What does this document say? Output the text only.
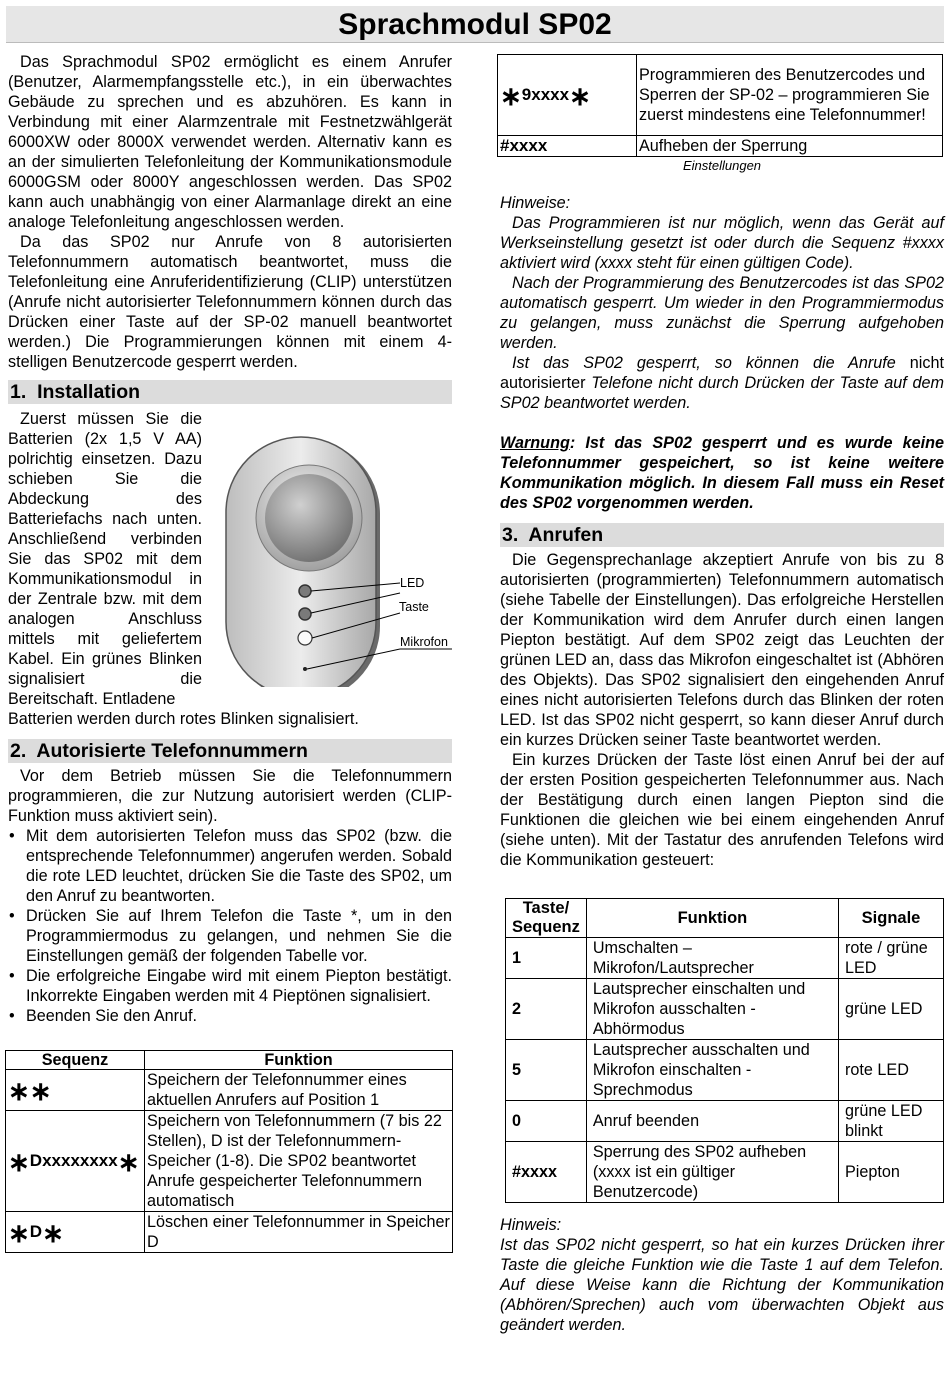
Sprachmodul SP02

Das Sprachmodul SP02 ermöglicht es einem Anrufer (Benutzer, Alarmempfangsstelle etc.), in ein überwachtes Gebäude zu sprechen und es abzuhören. Es kann in Verbindung mit einer Alarmzentrale mit Festnetzwählgerät 6000XW oder 8000X verwendet werden. Alternativ kann es an der simulierten Telefonleitung der Kommunikationsmodule 6000GSM oder 8000Y angeschlossen werden. Das SP02 kann auch unabhängig von einer Alarmanlage direkt an eine analoge Telefonleitung angeschlossen werden.

Da das SP02 nur Anrufe von 8 autorisierten Telefonnummern automatisch beantwortet, muss die Telefonleitung eine Anruferidentifizierung (CLIP) unterstützen (Anrufe nicht autorisierter Telefonnummern können durch das Drücken einer Taste auf der SP-02 manuell beantwortet werden.) Die Programmierungen können mit einem 4-stelligen Benutzercode gesperrt werden.

1.  Installation

Zuerst müssen Sie die Batterien (2x 1,5 V AA) polrichtig einsetzen. Dazu schieben Sie die Abdeckung des Batteriefachs nach unten. Anschließend verbinden Sie das SP02 mit dem Kommunikationsmodul in der Zentrale bzw. mit dem analogen Anschluss mittels mit geliefertem Kabel. Ein grünes Blinken signalisiert die Bereitschaft. Entladene

Batterien werden durch rotes Blinken signalisiert.

2.  Autorisierte Telefonnummern

Vor dem Betrieb müssen Sie die Telefonnummern programmieren, die zur Nutzung autorisiert werden (CLIP-Funktion muss aktiviert sein).

• Mit dem autorisierten Telefon muss das SP02 (bzw. die entsprechende Telefonnummer) angerufen werden. Sobald die rote LED leuchtet, drücken Sie die Taste des SP02, um den Anruf zu beantworten.
• Drücken Sie auf Ihrem Telefon die Taste *, um in den Programmiermodus zu gelangen, und nehmen Sie die Einstellungen gemäß der folgenden Tabelle vor.
• Die erfolgreiche Eingabe wird mit einem Piepton bestätigt. Inkorrekte Eingaben werden mit 4 Pieptönen signalisiert.
• Beenden Sie den Anruf.
Sequenz	Funktion
∗∗	Speichern der Telefonnummer eines aktuellen Anrufers auf Position 1
∗Dxxxxxxxx∗	Speichern von Telefonnummern (7 bis 22 Stellen), D ist der Telefonnummern-Speicher (1-8). Die SP02 beantwortet Anrufe gespeicherter Telefonnummern automatisch
∗D∗	Löschen einer Telefonnummer in Speicher D
LED
Taste
Mikrofon
∗9xxxx∗	Programmieren des Benutzercodes und Sperren der SP-02 – programmieren Sie zuerst mindestens eine Telefonnummer!
#xxxx	Aufheben der Sperrung
Einstellungen

Hinweise:

Das Programmieren ist nur möglich, wenn das Gerät auf Werkseinstellung gesetzt ist oder durch die Sequenz #xxxx aktiviert wird (xxxx steht für einen gültigen Code).

Nach der Programmierung des Benutzercodes ist das SP02 automatisch gesperrt. Um wieder in den Programmiermodus zu gelangen, muss zunächst die Sperrung aufgehoben werden.

Ist das SP02 gesperrt, so können die Anrufe nicht autorisierter Telefone nicht durch Drücken der Taste auf dem SP02 beantwortet werden.

Warnung: Ist das SP02 gesperrt und es wurde keine Telefonnummer gespeichert, so ist keine weitere Kommunikation möglich. In diesem Fall muss ein Reset des SP02 vorgenommen werden.

3.  Anrufen

Die Gegensprechanlage akzeptiert Anrufe von bis zu 8 autorisierten (programmierten) Telefonnummern automatisch (siehe Tabelle der Einstellungen). Das erfolgreiche Herstellen der Kommunikation wird dem Anrufer durch einen langen Piepton bestätigt. Auf dem SP02 zeigt das Leuchten der grünen LED an, dass das Mikrofon eingeschaltet ist (Abhören des Objekts). Das SP02 signalisiert den eingehenden Anruf eines nicht autorisierten Telefons durch das Blinken der roten LED. Ist das SP02 nicht gesperrt, so kann dieser Anruf durch ein kurzes Drücken seiner Taste beantwortet werden.

Ein kurzes Drücken der Taste löst einen Anruf bei der auf der ersten Position gespeicherten Telefonnummer aus. Nach der Bestätigung durch einen langen Piepton sind die Funktionen die gleichen wie bei einem eingehenden Anruf (siehe unten). Mit der Tastatur des anrufenden Telefons wird die Kommunikation gesteuert:

Taste/ Sequenz	Funktion	Signale
1	Umschalten – Mikrofon/Lautsprecher	rote / grüne LED
2	Lautsprecher einschalten und Mikrofon ausschalten - Abhörmodus	grüne LED
5	Lautsprecher ausschalten und Mikrofon einschalten - Sprechmodus	rote LED
0	Anruf beenden	grüne LED blinkt
#xxxx	Sperrung des SP02 aufheben (xxxx ist ein gültiger Benutzercode)	Piepton

Hinweis:

Ist das SP02 nicht gesperrt, so hat ein kurzes Drücken ihrer Taste die gleiche Funktion wie die Taste 1 auf dem Telefon. Auf diese Weise kann die Richtung der Kommunikation (Abhören/Sprechen) auch vom überwachten Objekt aus geändert werden.
